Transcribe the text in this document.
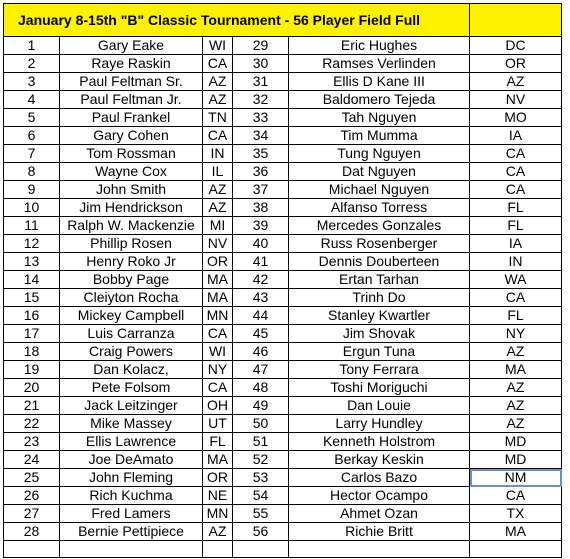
January 8-15th "B" Classic Tournament - 56 Player Field Full					
1	Gary Eake	WI	29	Eric Hughes	DC
2	Raye Raskin	CA	30	Ramses Verlinden	OR
3	Paul Feltman Sr.	AZ	31	Ellis D Kane III	AZ
4	Paul Feltman Jr.	AZ	32	Baldomero Tejeda	NV
5	Paul Frankel	TN	33	Tah Nguyen	MO
6	Gary Cohen	CA	34	Tim Mumma	IA
7	Tom Rossman	IN	35	Tung Nguyen	CA
8	Wayne Cox	IL	36	Dat Nguyen	CA
9	John Smith	AZ	37	Michael Nguyen	CA
10	Jim Hendrickson	AZ	38	Alfanso Torress	FL
11	Ralph W. Mackenzie	MI	39	Mercedes Gonzales	FL
12	Phillip Rosen	NV	40	Russ Rosenberger	IA
13	Henry Roko Jr	OR	41	Dennis Douberteen	IN
14	Bobby Page	MA	42	Ertan Tarhan	WA
15	Cleiyton Rocha	MA	43	Trinh Do	CA
16	Mickey Campbell	MN	44	Stanley Kwartler	FL
17	Luis Carranza	CA	45	Jim Shovak	NY
18	Craig Powers	WI	46	Ergun Tuna	AZ
19	Dan Kolacz,	NY	47	Tony Ferrara	MA
20	Pete Folsom	CA	48	Toshi Moriguchi	AZ
21	Jack Leitzinger	OH	49	Dan Louie	AZ
22	Mike Massey	UT	50	Larry Hundley	AZ
23	Ellis Lawrence	FL	51	Kenneth Holstrom	MD
24	Joe DeAmato	MA	52	Berkay Keskin	MD
25	John Fleming	OR	53	Carlos Bazo	NM
26	Rich Kuchma	NE	54	Hector Ocampo	CA
27	Fred Lamers	MN	55	Ahmet Ozan	TX
28	Bernie Pettipiece	AZ	56	Richie Britt	MA
